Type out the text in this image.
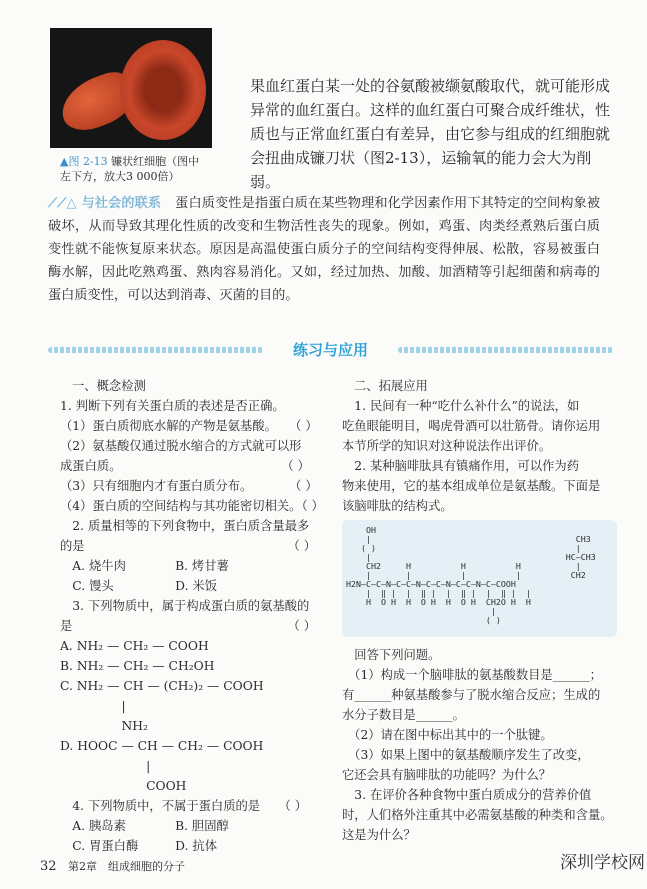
果血红蛋白某一处的谷氨酸被缬氨酸取代，就可能形成异常的血红蛋白。这样的血红蛋白可聚合成纤维状，性质也与正常血红蛋白有差异，由它参与组成的红细胞就会扭曲成镰刀状（图2-13），运输氧的能力会大为削弱。
▲图 2-13 镰状红细胞（图中左下方，放大3 000倍）
⟋⟋△ 与社会的联系 蛋白质变性是指蛋白质在某些物理和化学因素作用下其特定的空间构象被破坏，从而导致其理化性质的改变和生物活性丧失的现象。例如，鸡蛋、肉类经煮熟后蛋白质变性就不能恢复原来状态。原因是高温使蛋白质分子的空间结构变得伸展、松散，容易被蛋白酶水解，因此吃熟鸡蛋、熟肉容易消化。又如，经过加热、加酸、加酒精等引起细菌和病毒的蛋白质变性，可以达到消毒、灭菌的目的。
练习与应用
一、概念检测
1. 判断下列有关蛋白质的表述是否正确。
（1）蛋白质彻底水解的产物是氨基酸。　　（ ）
（2）氨基酸仅通过脱水缩合的方式就可以形
成蛋白质。　　　　　　　　　　　　　　（ ）
（3）只有细胞内才有蛋白质分布。　　　　（ ）
（4）蛋白质的空间结构与其功能密切相关。（ ）
　2. 质量相等的下列食物中，蛋白质含量最多
的是　　　　　　　　　　　　　　　　　（ ）
　A. 烧牛肉　　　　B. 烤甘薯
　C. 馒头　　　　　D. 米饭
　3. 下列物质中，属于构成蛋白质的氨基酸的
是　　　　　　　　　　　　　　　　　　（ ）
A. NH₂ — CH₂ — COOH
B. NH₂ — CH₂ — CH₂OH
C. NH₂ — CH — (CH₂)₂ — COOH
　　　　　|
　　　　　NH₂
D. HOOC — CH — CH₂ — COOH
　　　　　　　|
　　　　　　　COOH
　4. 下列物质中，不属于蛋白质的是　　（ ）
　A. 胰岛素　　　　B. 胆固醇
　C. 胃蛋白酶　　　D. 抗体
二、拓展应用
　1. 民间有一种“吃什么补什么”的说法，如
吃鱼眼能明目，喝虎骨酒可以壮筋骨。请你运用
本节所学的知识对这种说法作出评价。
　2. 某种脑啡肽具有镇痛作用，可以作为药
物来使用，它的基本组成单位是氨基酸。下面是
该脑啡肽的结构式。
OH
|                                         CH3
( )                                        |
|                                       HC—CH3
CH2     H          H          H           |
|       |          |          |          CH2
H2N—C—C—N—C—C—N—C—C—N—C—C—N—C—COOH
|  ‖ |  |  ‖ |  |  ‖ |  |  ‖ |  |
H  O H  H  O H  H  O H  CH2O H  H
|
( )
　回答下列问题。
　（1）构成一个脑啡肽的氨基酸数目是______；
有______种氨基酸参与了脱水缩合反应；生成的
水分子数目是______。
　（2）请在图中标出其中的一个肽键。
　（3）如果上图中的氨基酸顺序发生了改变，
它还会具有脑啡肽的功能吗？为什么？
　3. 在评价各种食物中蛋白质成分的营养价值
时，人们格外注重其中必需氨基酸的种类和含量。
这是为什么？
32 第2章　组成细胞的分子	深圳学校网
